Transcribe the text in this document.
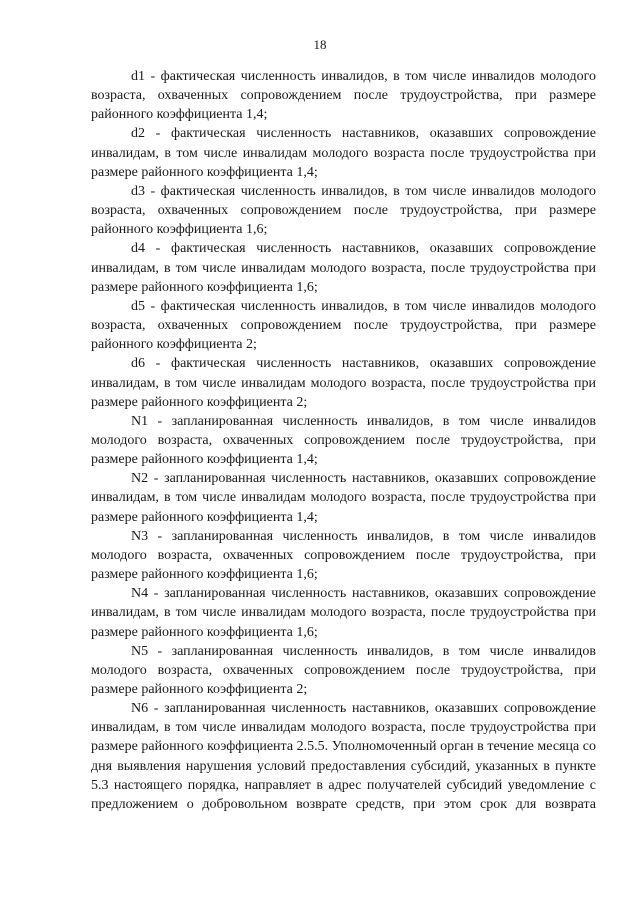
18

d1 - фактическая численность инвалидов, в том числе инвалидов молодого возраста, охваченных сопровождением после трудоустройства, при размере районного коэффициента 1,4;

d2 - фактическая численность наставников, оказавших сопровождение инвалидам, в том числе инвалидам молодого возраста после трудоустройства при размере районного коэффициента 1,4;

d3 - фактическая численность инвалидов, в том числе инвалидов молодого возраста, охваченных сопровождением после трудоустройства, при размере районного коэффициента 1,6;

d4 - фактическая численность наставников, оказавших сопровождение инвалидам, в том числе инвалидам молодого возраста, после трудоустройства при размере районного коэффициента 1,6;

d5 - фактическая численность инвалидов, в том числе инвалидов молодого возраста, охваченных сопровождением после трудоустройства, при размере районного коэффициента 2;

d6 - фактическая численность наставников, оказавших сопровождение инвалидам, в том числе инвалидам молодого возраста, после трудоустройства при размере районного коэффициента 2;

N1 - запланированная численность инвалидов, в том числе инвалидов молодого возраста, охваченных сопровождением после трудоустройства, при размере районного коэффициента 1,4;

N2 - запланированная численность наставников, оказавших сопровождение инвалидам, в том числе инвалидам молодого возраста, после трудоустройства при размере районного коэффициента 1,4;

N3 - запланированная численность инвалидов, в том числе инвалидов молодого возраста, охваченных сопровождением после трудоустройства, при размере районного коэффициента 1,6;

N4 - запланированная численность наставников, оказавших сопровождение инвалидам, в том числе инвалидам молодого возраста, после трудоустройства при размере районного коэффициента 1,6;

N5 - запланированная численность инвалидов, в том числе инвалидов молодого возраста, охваченных сопровождением после трудоустройства, при размере районного коэффициента 2;

N6 - запланированная численность наставников, оказавших сопровождение инвалидам, в том числе инвалидам молодого возраста, после трудоустройства при размере районного коэффициента 2.5.5. Уполномоченный орган в течение месяца со дня выявления нарушения условий предоставления субсидий, указанных в пункте 5.3 настоящего порядка, направляет в адрес получателей субсидий уведомление с предложением о добровольном возврате средств, при этом срок для возврата
